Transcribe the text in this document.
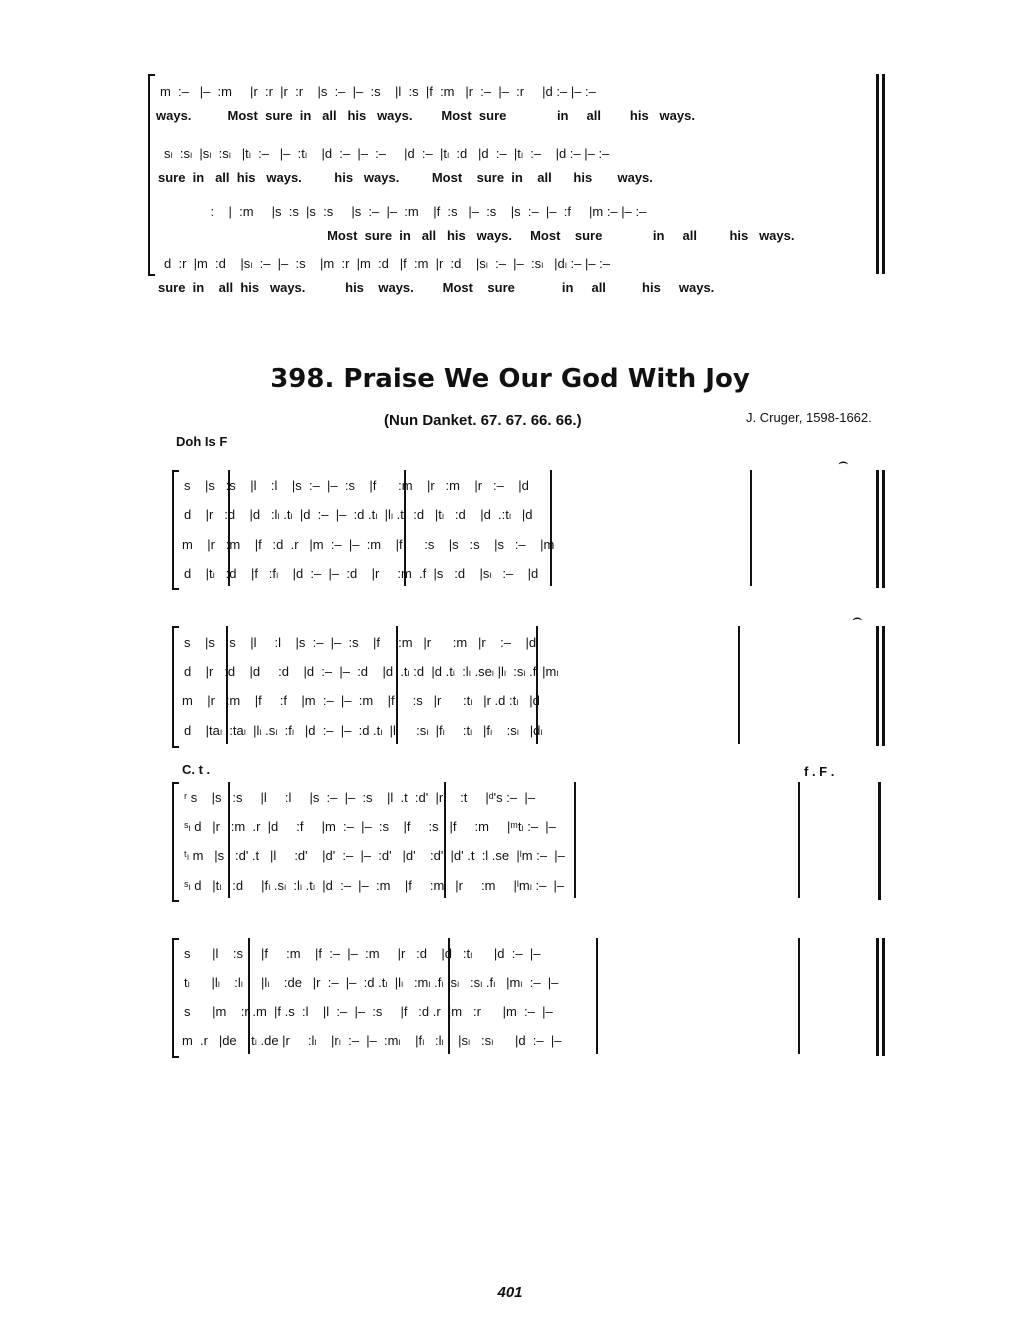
m  :–   |–  :m     |r  :r  |r  :r    |s  :–  |–  :s    |l  :s  |f  :m   |r  :–  |–  :r     |d :– |– :–
ways.          Most  sure  in   all   his   ways.        Most  sure              in     all        his   ways.
sₗ  :sₗ  |sₗ  :sₗ   |tₗ  :–   |–  :tₗ    |d  :–  |–  :–     |d  :–  |tₗ  :d   |d  :–  |tₗ  :–    |d :– |– :–
sure  in   all  his   ways.         his   ways.         Most    sure  in    all      his       ways.
:    |  :m     |s  :s  |s  :s     |s  :–  |–  :m    |f  :s   |–  :s    |s  :–  |–  :f     |m :– |– :–
Most  sure  in   all   his   ways.     Most    sure              in     all         his   ways.
d  :r  |m  :d    |sₗ  :–  |–  :s    |m  :r  |m  :d   |f  :m  |r  :d    |sₗ  :–  |–  :sₗ   |dₗ :– |– :–
sure  in    all  his   ways.           his    ways.        Most    sure             in     all          his     ways.
398. Praise We Our God With Joy
(Nun Danket. 67. 67. 66. 66.)	J. Cruger, 1598-1662.
Doh Is F
⌢
s    |s   :s    |l    :l    |s  :–  |–  :s    |f      :m    |r   :m    |r   :–    |d
d    |r   :d    |d   :lₗ .tₗ  |d  :–  |–  :d .tₗ  |lₗ .tₗ  :d   |tₗ   :d    |d  .:tₗ   |d
m    |r   :m    |f   :d  .r   |m  :–  |–  :m    |f      :s    |s   :s    |s   :–    |m
d    |tₗ   :d    |f   :fₗ    |d  :–  |–  :d    |r     :m  .f  |s   :d    |sₗ   :–    |d
⌢
s    |s   :s    |l     :l    |s  :–  |–  :s    |f     :m   |r      :m   |r    :–    |d
d    |r   :d    |d     :d    |d  :–  |–  :d    |d  .tₗ :d  |d .tₗ  :lₗ .seₗ |lₗ  :sₗ .fₗ |mₗ
m    |r   :m    |f     :f    |m  :–  |–  :m    |f     :s   |r      :tₗ   |r .d :tₗ   |d
d    |taₗ  :taₗ  |lₗ .sₗ  :fₗ   |d  :–  |–  :d .tₗ  |lₗ     :sₗ  |fₗ     :tₗ   |fₗ    :sₗ   |dₗ
C. t .	f . F .
ʳ s    |s   :s     |l     :l     |s  :–  |–  :s    |l  .t  :d'  |r'    :t     |ᵈ's :–  |–
ˢₗ d   |r   :m  .r  |d     :f     |m  :–  |–  :s    |f     :s   |f     :m     |ᵐtₗ :–  |–
ᵗₗ m   |s   :d' .t   |l     :d'    |d'  :–  |–  :d'   |d'    :d'  |d' .t  :l .se  |ˡm :–  |–
ˢₗ d   |tₗ   :d     |fₗ .sₗ  :lₗ .tₗ  |d  :–  |–  :m    |f     :m   |r     :m     |ˡmₗ :–  |–
s      |l    :s     |f     :m    |f  :–  |–  :m     |r   :d    |d   :tₗ      |d  :–  |–
tₗ      |lₗ    :lₗ     |lₗ    :de   |r  :–  |–  :d .tₗ  |lₗ   :mₗ .fₗ |sₗ   :sₗ .fₗ   |mₗ  :–  |–
s      |m    :r .m  |f .s  :l    |l  :–  |–  :s     |f   :d .r  |m   :r      |m  :–  |–
m  .r   |de   :tₗ .de |r     :lₗ    |rₗ  :–  |–  :mₗ    |fₗ   :lₗ    |sₗ   :sₗ      |d  :–  |–
401
